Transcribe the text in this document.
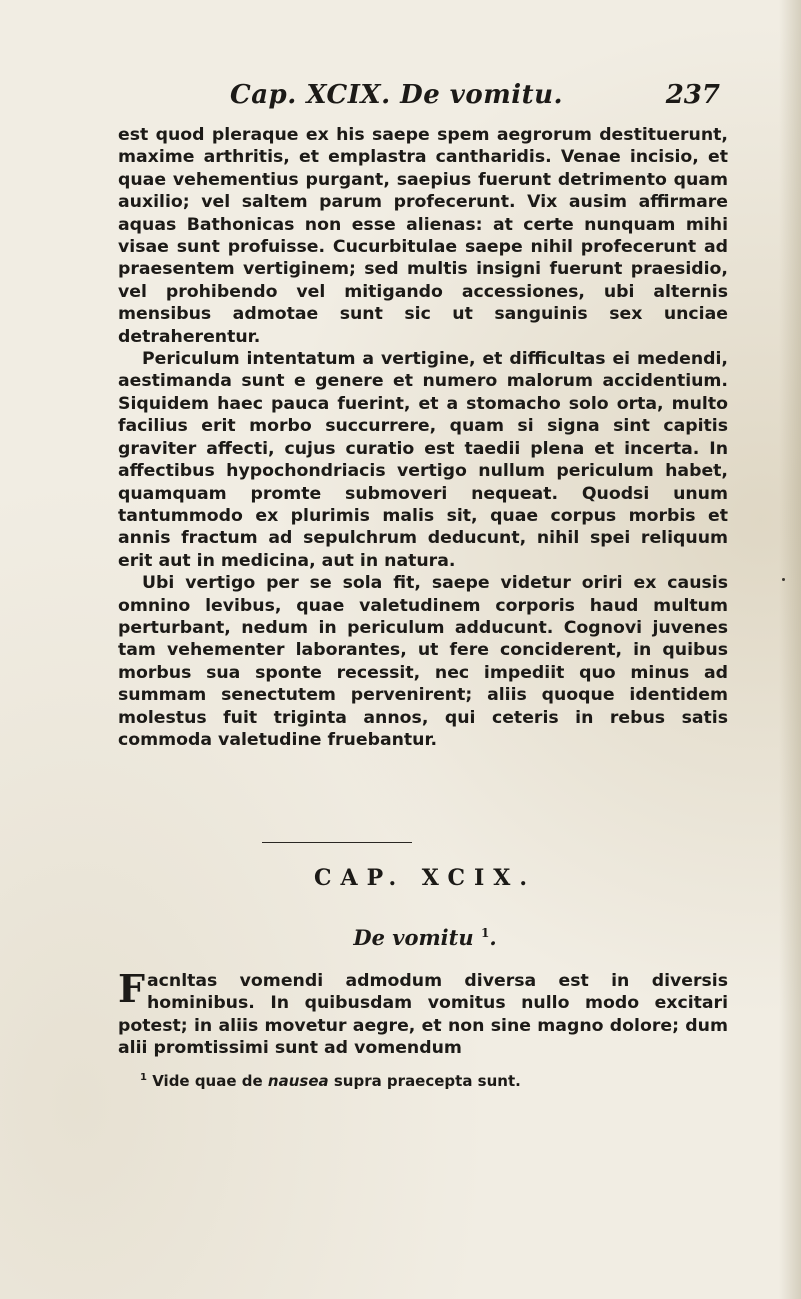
Cap. XCIX. De vomitu.	237

est quod pleraque ex his saepe spem aegrorum destituerunt, maxime arthritis, et emplastra cantharidis. Venae incisio, et quae vehementius purgant, saepius fuerunt detrimento quam auxilio; vel saltem parum profecerunt. Vix ausim affirmare aquas Bathonicas non esse alienas: at certe nunquam mihi visae sunt profuisse. Cucurbitulae saepe nihil profecerunt ad praesentem vertiginem; sed multis insigni fuerunt praesidio, vel prohibendo vel mitigando accessiones, ubi alternis mensibus admotae sunt sic ut sanguinis sex unciae detraherentur.

Periculum intentatum a vertigine, et difficultas ei medendi, aestimanda sunt e genere et numero malorum accidentium. Siquidem haec pauca fuerint, et a stomacho solo orta, multo facilius erit morbo succurrere, quam si signa sint capitis graviter affecti, cujus curatio est taedii plena et incerta. In affectibus hypochondriacis vertigo nullum periculum habet, quamquam promte submoveri nequeat. Quodsi unum tantummodo ex plurimis malis sit, quae corpus morbis et annis fractum ad sepulchrum deducunt, nihil spei reliquum erit aut in medicina, aut in natura.

Ubi vertigo per se sola fit, saepe videtur oriri ex causis omnino levibus, quae valetudinem corporis haud multum perturbant, nedum in periculum adducunt. Cognovi juvenes tam vehementer laborantes, ut fere conciderent, in quibus morbus sua sponte recessit, nec impediit quo minus ad summam senectutem pervenirent; aliis quoque identidem molestus fuit triginta annos, qui ceteris in rebus satis commoda valetudine fruebantur.

CAP. XCIX.
De vomitu $^1$.
F acnltas vomendi admodum diversa est in diversis hominibus. In quibusdam vomitus nullo modo excitari potest; in aliis movetur aegre, et non sine magno dolore; dum alii promtissimi sunt ad vomendum
$^1$ Vide quae de nausea supra praecepta sunt.
